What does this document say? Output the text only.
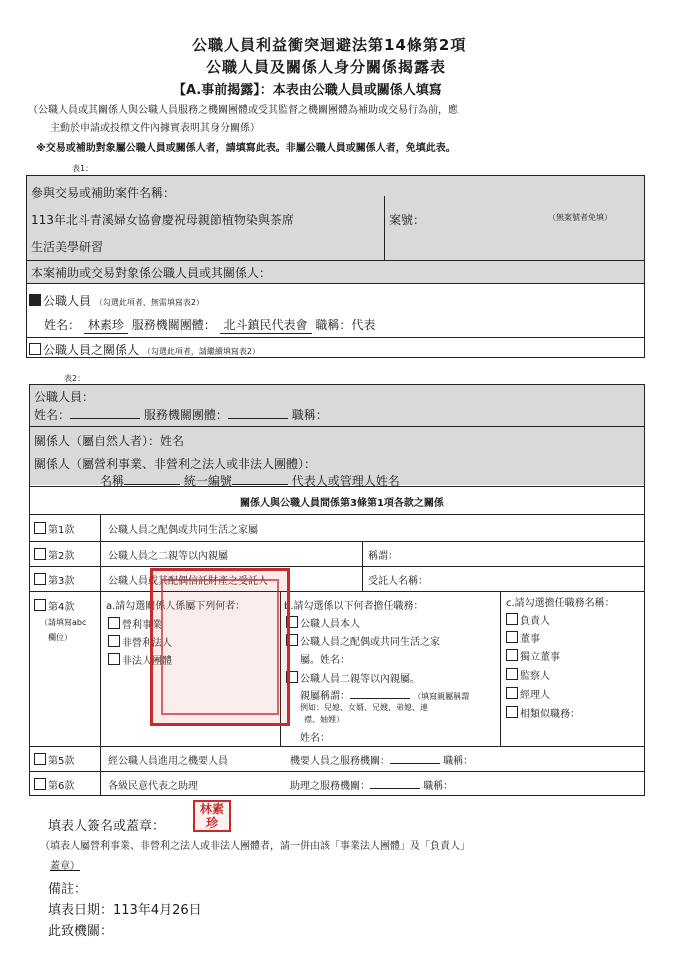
公職人員利益衝突迴避法第14條第2項
公職人員及關係人身分關係揭露表
【A.事前揭露】：本表由公職人員或關係人填寫
（公職人員或其關係人與公職人員服務之機關團體或受其監督之機關團體為補助或交易行為前，應
主動於申請或投標文件內據實表明其身分關係）
※交易或補助對象屬公職人員或關係人者，請填寫此表。非屬公職人員或關係人者，免填此表。
表1：
參與交易或補助案件名稱：
113年北斗青溪婦女協會慶祝母親節植物染與茶席
生活美學研習
案號：	（無案號者免填）
本案補助或交易對象係公職人員或其關係人：
公職人員 （勾選此項者，無需填寫表2）
姓名： 林素珍 服務機關團體： 北斗鎮民代表會 職稱：代表
公職人員之關係人 （勾選此項者，請繼續填寫表2）
表2：
公職人員：
姓名：	服務機關團體：	職稱：
關係人（屬自然人者）：姓名
關係人（屬營利事業、非營利之法人或非法人團體）：
名稱	統一編號	代表人或管理人姓名
關係人與公職人員間係第3條第1項各款之關係
第1款	公職人員之配偶或共同生活之家屬
第2款	公職人員之二親等以內親屬	稱謂：
第3款	公職人員或其配偶信託財產之受託人	受託人名稱：
第4款
（請填寫abc
欄位）
a.請勾選關係人係屬下列何者：
營利事業
非營利法人
非法人團體
b.請勾選係以下何者擔任職務：
公職人員本人
公職人員之配偶或共同生活之家
屬。姓名：
公職人員二親等以內親屬。
親屬稱謂：	（填寫親屬稱謂
例如：兒媳、女婿、兄嫂、弟媳、連
襟、妯娌）
姓名：
c.請勾選擔任職務名稱：
負責人
董事
獨立董事
監察人
經理人
相類似職務：
第5款	經公職人員進用之機要人員	機要人員之服務機關：	職稱：
第6款	各級民意代表之助理	助理之服務機關：	職稱：
填表人簽名或蓋章：
林素珍
（填表人屬營利事業、非營利之法人或非法人團體者，請一併由該「事業法人團體」及「負責人」
蓋章）
備註：
填表日期：113年4月26日
此致機關：
